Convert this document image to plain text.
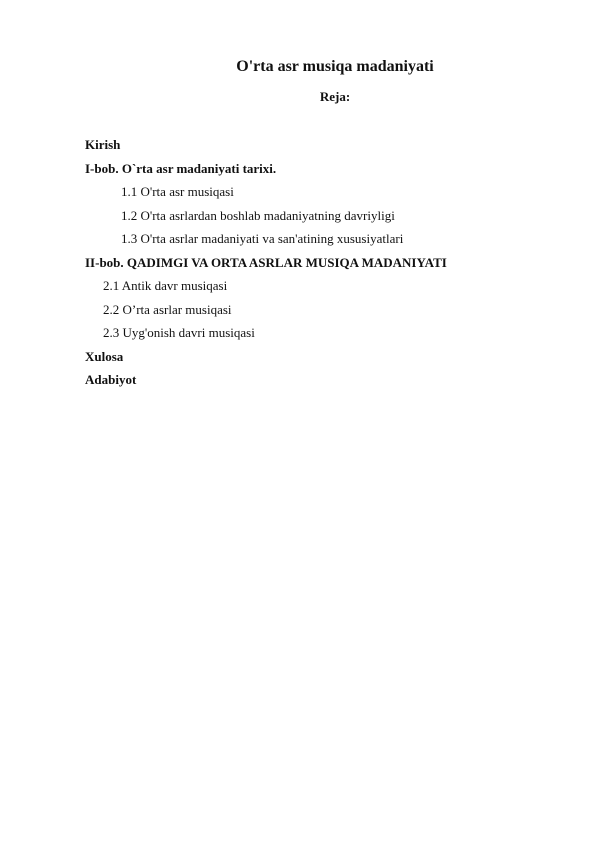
O'rta asr musiqa madaniyati
Reja:
Kirish
I-bob. O`rta asr madaniyati tarixi.
1.1 O'rta asr musiqasi
1.2 O'rta asrlardan boshlab madaniyatning davriyligi
1.3 O'rta asrlar madaniyati va san'atining xususiyatlari
II-bob. QADIMGI VA ORTA ASRLAR MUSIQA MADANIYATI
2.1 Antik davr musiqasi
2.2 O’rta asrlar musiqasi
2.3 Uyg'onish davri musiqasi
Xulosa
Adabiyot
